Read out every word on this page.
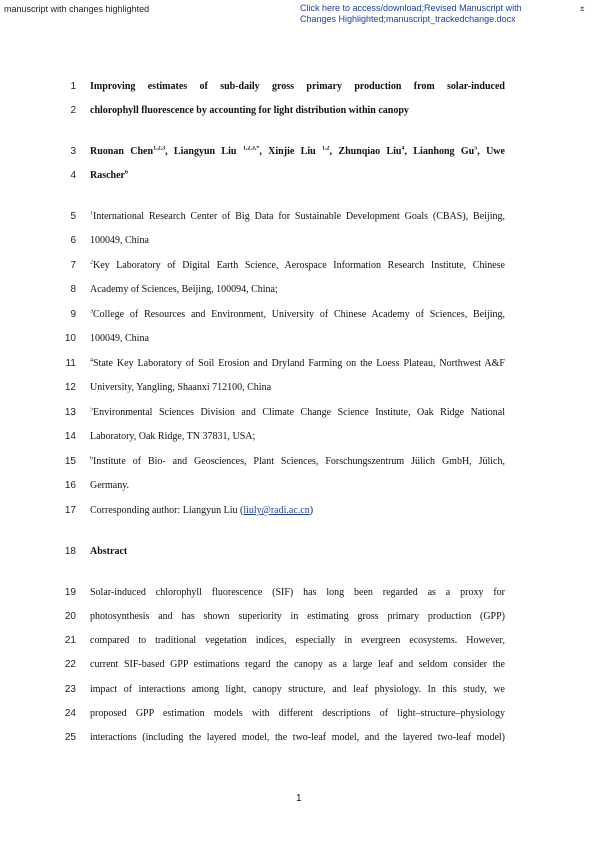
manuscript with changes highlighted	Click here to access/download;Revised Manuscript with
Changes Highlighted;manuscript_trackedchange.docx
±
1 Improving estimates of sub-daily gross primary production from solar-induced
2 chlorophyll fluorescence by accounting for light distribution within canopy
3 Ruonan Chen$^{1,2,3}$, Liangyun Liu $^{1,2,3,*}$, Xinjie Liu $^{1,2}$, Zhunqiao Liu$^4$, Lianhong Gu$^5$, Uwe
4 Rascher$^6$
5 $^1$International Research Center of Big Data for Sustainable Development Goals (CBAS), Beijing,
6 100049, China
7 $^2$Key Laboratory of Digital Earth Science, Aerospace Information Research Institute, Chinese
8 Academy of Sciences, Beijing, 100094, China;
9 $^3$College of Resources and Environment, University of Chinese Academy of Sciences, Beijing,
10 100049, China
11 $^4$State Key Laboratory of Soil Erosion and Dryland Farming on the Loess Plateau, Northwest A&F
12 University, Yangling, Shaanxi 712100, China
13 $^5$Environmental Sciences Division and Climate Change Science Institute, Oak Ridge National
14 Laboratory, Oak Ridge, TN 37831, USA;
15 $^6$Institute of Bio- and Geosciences, Plant Sciences, Forschungszentrum Jülich GmbH, Jülich,
16 Germany.
17 Corresponding author: Liangyun Liu (liuly@radi.ac.cn)
18 Abstract
19 Solar-induced chlorophyll fluorescence (SIF) has long been regarded as a proxy for
20 photosynthesis and has shown superiority in estimating gross primary production (GPP)
21 compared to traditional vegetation indices, especially in evergreen ecosystems. However,
22 current SIF-based GPP estimations regard the canopy as a large leaf and seldom consider the
23 impact of interactions among light, canopy structure, and leaf physiology. In this study, we
24 proposed GPP estimation models with different descriptions of light–structure–physiology
25 interactions (including the layered model, the two-leaf model, and the layered two-leaf model)
1
